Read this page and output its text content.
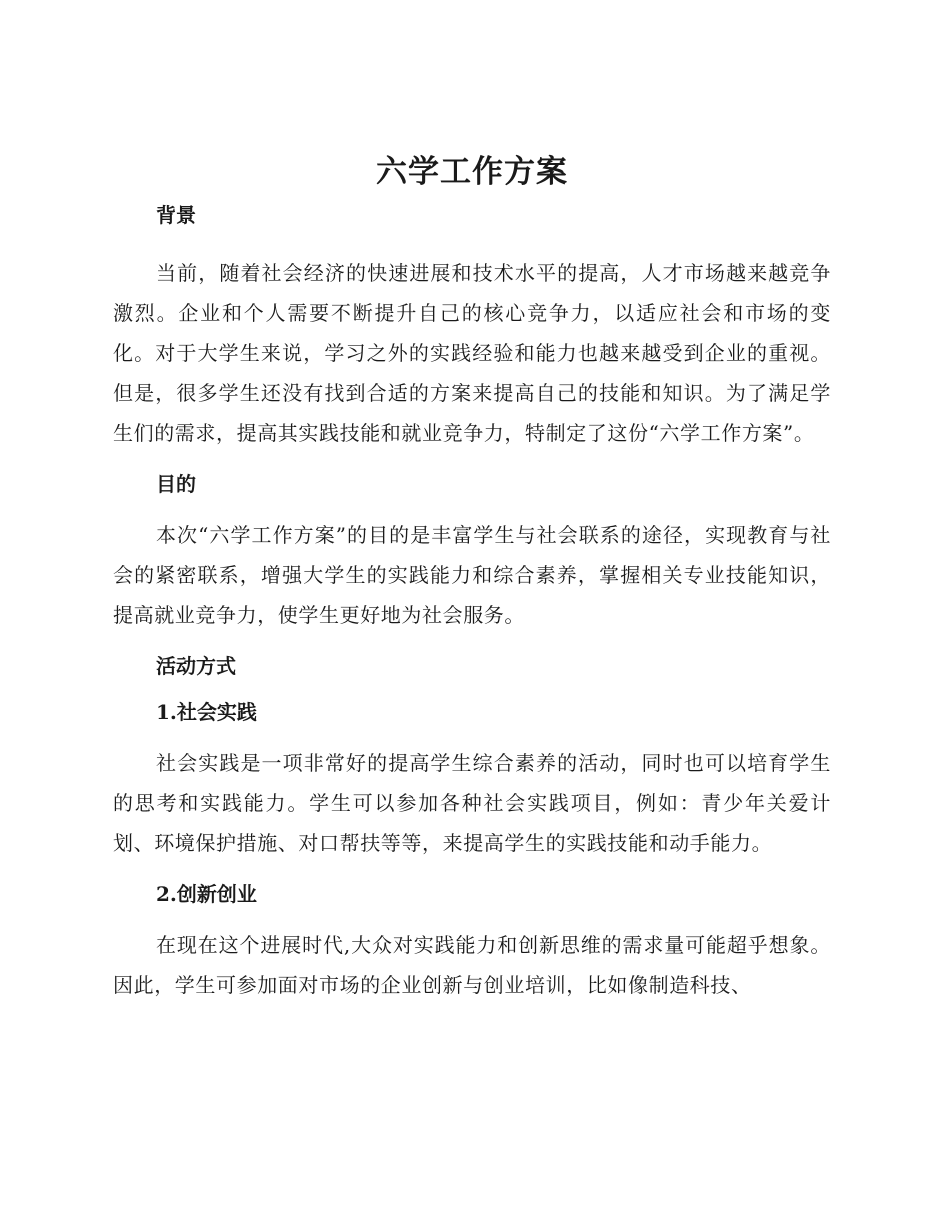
六学工作方案
背景

当前，随着社会经济的快速进展和技术水平的提高，人才市场越来越竞争激烈。企业和个人需要不断提升自己的核心竞争力，以适应社会和市场的变化。对于大学生来说，学习之外的实践经验和能力也越来越受到企业的重视。但是，很多学生还没有找到合适的方案来提高自己的技能和知识。为了满足学生们的需求，提高其实践技能和就业竞争力，特制定了这份“六学工作方案”。

目的

本次“六学工作方案”的目的是丰富学生与社会联系的途径，实现教育与社会的紧密联系，增强大学生的实践能力和综合素养，掌握相关专业技能知识，提高就业竞争力，使学生更好地为社会服务。

活动方式
1.社会实践

社会实践是一项非常好的提高学生综合素养的活动，同时也可以培育学生的思考和实践能力。学生可以参加各种社会实践项目，例如：青少年关爱计划、环境保护措施、对口帮扶等等，来提高学生的实践技能和动手能力。

2.创新创业

在现在这个进展时代,大众对实践能力和创新思维的需求量可能超乎想象。因此，学生可参加面对市场的企业创新与创业培训，比如像制造科技、
